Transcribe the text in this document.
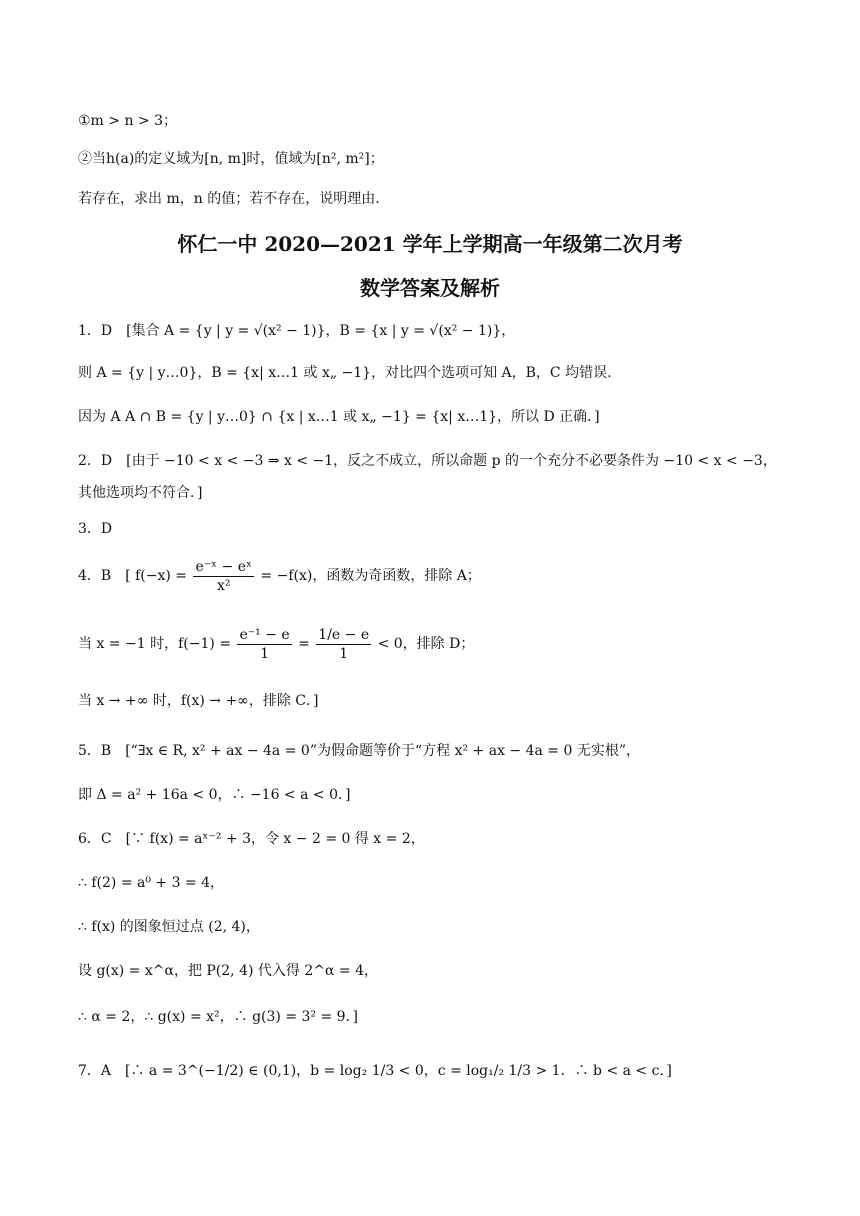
①m > n > 3；
②当h(a)的定义域为[n, m]时，值域为[n², m²]；
若存在，求出 m，n 的值；若不存在，说明理由.
怀仁一中 2020—2021 学年上学期高一年级第二次月考
数学答案及解析
1．D　[集合 A = {y | y = √(x² − 1)}，B = {x | y = √(x² − 1)}，
则 A = {y | y…0}，B = {x| x…1 或 x„ −1}，对比四个选项可知 A，B，C 均错误.
因为 A A ∩ B = {y | y…0} ∩ {x | x…1 或 x„ −1} = {x| x…1}，所以 D 正确．]
2．D　[由于 −10 < x < −3 ⇒ x < −1，反之不成立，所以命题 p 的一个充分不必要条件为 −10 < x < −3，
其他选项均不符合．]
3．D
4．B　[ $f(-x) = \frac{\text{e⁻ˣ − eˣ}}{\text{x²}} = -f(x)$，函数为奇函数，排除 A；
当 x = −1 时，$f(-1) = \frac{\text{e⁻¹ − e}}{1} = \frac{1/e - e}{1} < 0$，排除 D；
当 x → +∞ 时，f(x) → +∞，排除 C．]
5．B　[“∃x ∈ R, x² + ax − 4a = 0”为假命题等价于“方程 x² + ax − 4a = 0 无实根”，
即 Δ = a² + 16a < 0，∴ −16 < a < 0．]
6．C　[∵ f(x) = aˣ⁻² + 3，令 x − 2 = 0 得 x = 2，
∴ f(2) = a⁰ + 3 = 4，
∴ f(x) 的图象恒过点 (2, 4)，
设 g(x) = x^α，把 P(2, 4) 代入得 2^α = 4，
∴ α = 2，∴ g(x) = x²，∴ g(3) = 3² = 9．]
7．A　[∴ a = 3^(−1/2) ∈ (0,1)，b = log₂ 1/3 < 0，c = log₁/₂ 1/3 > 1．∴ b < a < c．]
